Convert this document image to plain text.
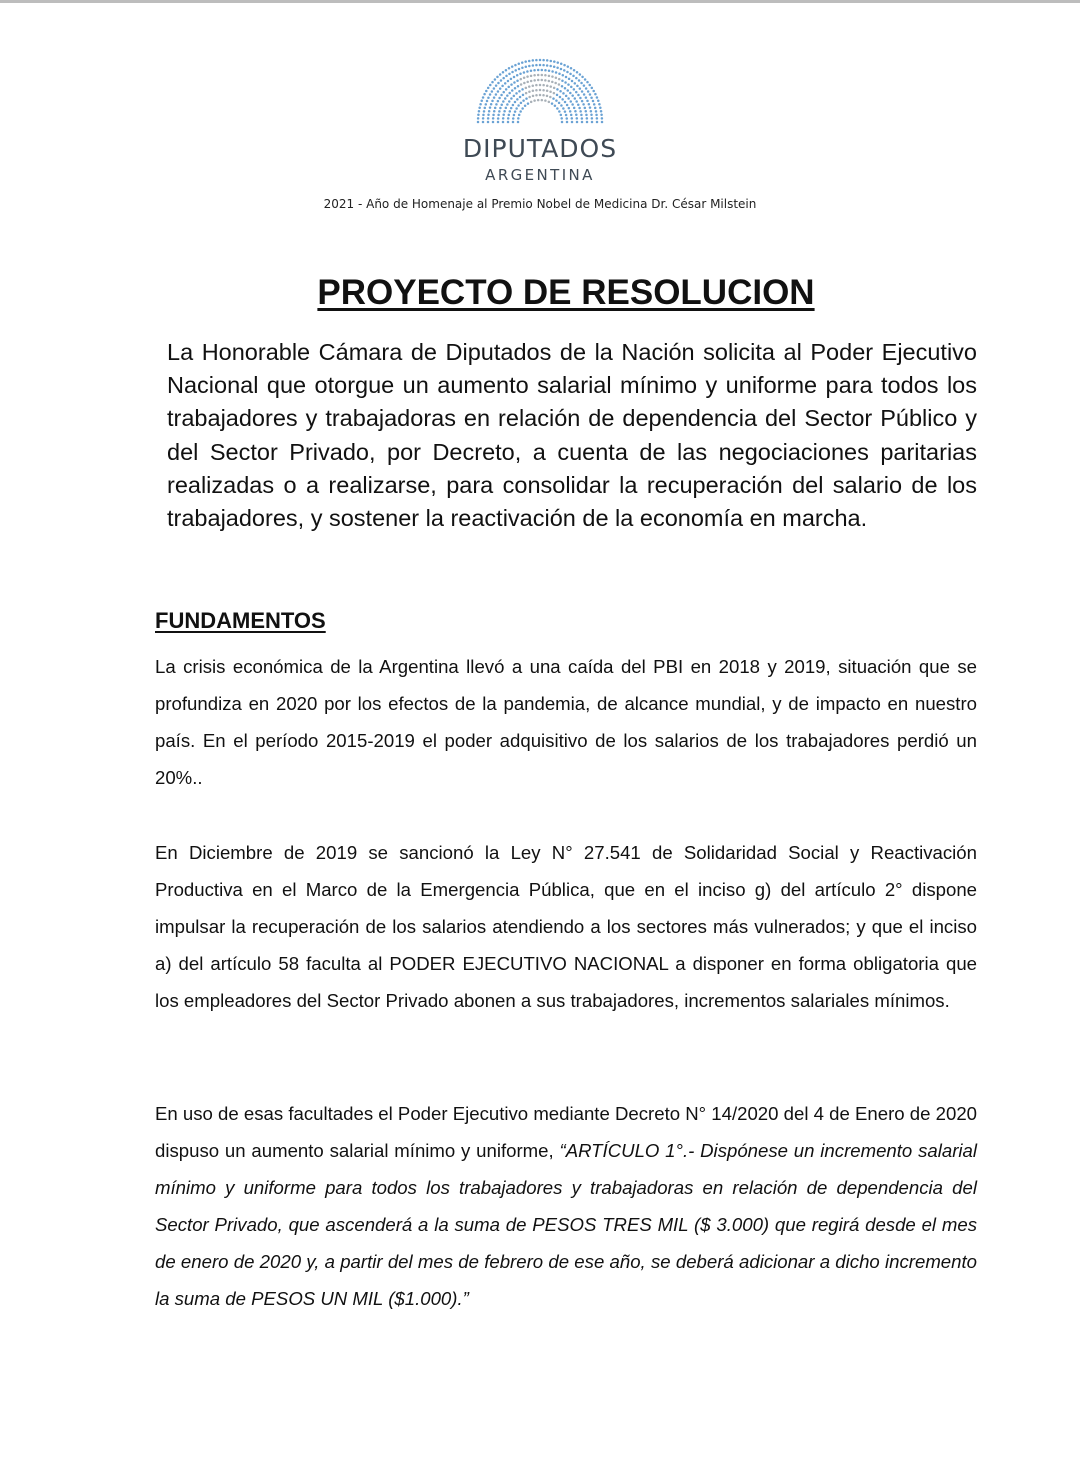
DIPUTADOS
ARGENTINA
2021 - Año de Homenaje al Premio Nobel de Medicina Dr. César Milstein
PROYECTO DE RESOLUCION
La Honorable Cámara de Diputados de la Nación solicita al Poder Ejecutivo Nacional que otorgue un aumento salarial mínimo y uniforme para todos los trabajadores y trabajadoras en relación de dependencia del Sector Público y del Sector Privado, por Decreto, a cuenta de las negociaciones paritarias realizadas o a realizarse, para consolidar la recuperación del salario de los trabajadores, y sostener la reactivación de la economía en marcha.
FUNDAMENTOS
La crisis económica de la Argentina llevó a una caída del PBI en 2018 y 2019, situación que se profundiza en 2020 por los efectos de la pandemia, de alcance mundial, y de impacto en nuestro país. En el período 2015-2019 el poder adquisitivo de los salarios de los trabajadores perdió un 20%..
En Diciembre de 2019 se sancionó la Ley N° 27.541 de Solidaridad Social y Reactivación Productiva en el Marco de la Emergencia Pública, que en el inciso g) del artículo 2° dispone impulsar la recuperación de los salarios atendiendo a los sectores más vulnerados; y que el inciso a) del artículo 58 faculta al PODER EJECUTIVO NACIONAL a disponer en forma obligatoria que los empleadores del Sector Privado abonen a sus trabajadores, incrementos salariales mínimos.
En uso de esas facultades el Poder Ejecutivo mediante Decreto N° 14/2020 del 4 de Enero de 2020 dispuso un aumento salarial mínimo y uniforme, “ARTÍCULO 1°.- Dispónese un incremento salarial mínimo y uniforme para todos los trabajadores y trabajadoras en relación de dependencia del Sector Privado, que ascenderá a la suma de PESOS TRES MIL ($ 3.000) que regirá desde el mes de enero de 2020 y, a partir del mes de febrero de ese año, se deberá adicionar a dicho incremento la suma de PESOS UN MIL ($1.000).”
